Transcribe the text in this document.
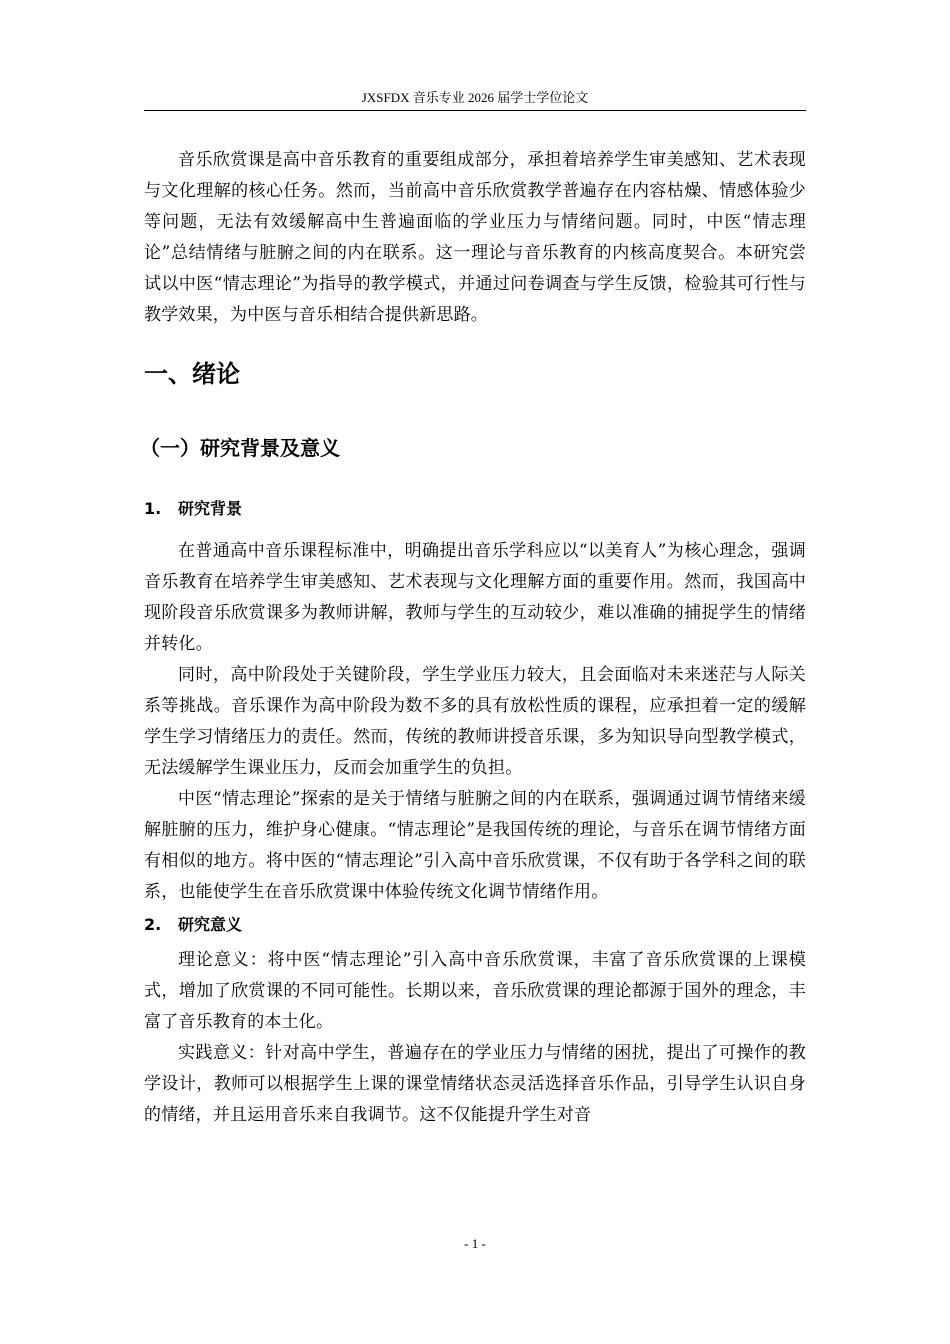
JXSFDX 音乐专业 2026 届学士学位论文

音乐欣赏课是高中音乐教育的重要组成部分，承担着培养学生审美感知、艺术表现与文化理解的核心任务。然而，当前高中音乐欣赏教学普遍存在内容枯燥、情感体验少等问题，无法有效缓解高中生普遍面临的学业压力与情绪问题。同时，中医“情志理论”总结情绪与脏腑之间的内在联系。这一理论与音乐教育的内核高度契合。本研究尝试以中医“情志理论”为指导的教学模式，并通过问卷调查与学生反馈，检验其可行性与教学效果，为中医与音乐相结合提供新思路。

一、绪论
（一）研究背景及意义
1. 研究背景

在普通高中音乐课程标准中，明确提出音乐学科应以“以美育人”为核心理念，强调音乐教育在培养学生审美感知、艺术表现与文化理解方面的重要作用。然而，我国高中现阶段音乐欣赏课多为教师讲解，教师与学生的互动较少，难以准确的捕捉学生的情绪并转化。

同时，高中阶段处于关键阶段，学生学业压力较大，且会面临对未来迷茫与人际关系等挑战。音乐课作为高中阶段为数不多的具有放松性质的课程，应承担着一定的缓解学生学习情绪压力的责任。然而，传统的教师讲授音乐课，多为知识导向型教学模式，无法缓解学生课业压力，反而会加重学生的负担。

中医“情志理论”探索的是关于情绪与脏腑之间的内在联系，强调通过调节情绪来缓解脏腑的压力，维护身心健康。“情志理论”是我国传统的理论，与音乐在调节情绪方面有相似的地方。将中医的“情志理论”引入高中音乐欣赏课，不仅有助于各学科之间的联系，也能使学生在音乐欣赏课中体验传统文化调节情绪作用。

2. 研究意义

理论意义：将中医“情志理论”引入高中音乐欣赏课，丰富了音乐欣赏课的上课模式，增加了欣赏课的不同可能性。长期以来，音乐欣赏课的理论都源于国外的理念，丰富了音乐教育的本土化。

实践意义：针对高中学生，普遍存在的学业压力与情绪的困扰，提出了可操作的教学设计，教师可以根据学生上课的课堂情绪状态灵活选择音乐作品，引导学生认识自身的情绪，并且运用音乐来自我调节。这不仅能提升学生对音

- 1 -
